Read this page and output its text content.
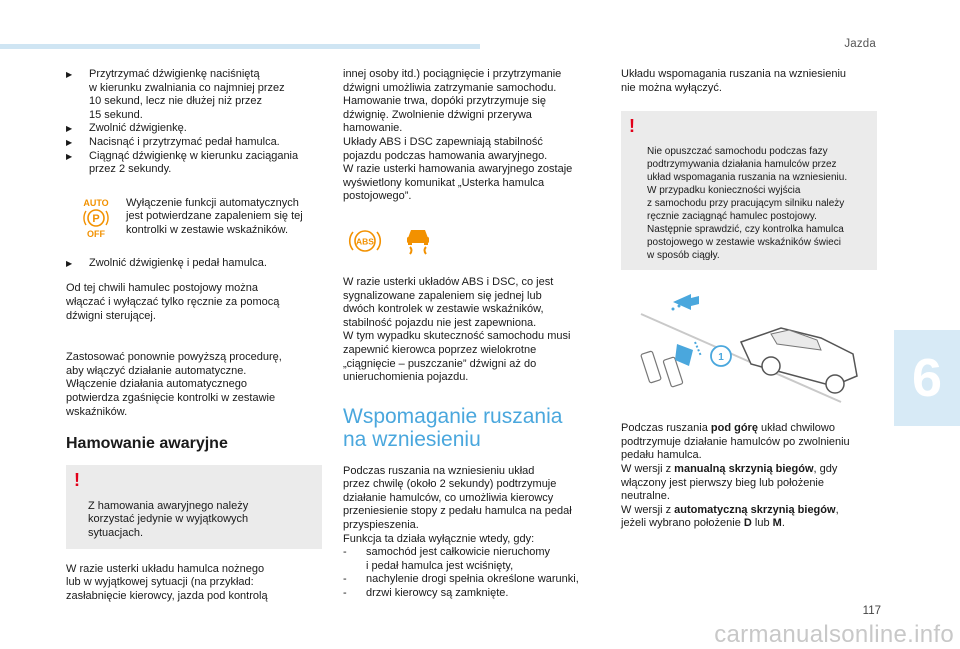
Jazda
6
117
carmanualsonline.info
▶ Przytrzymać dźwigienkę naciśniętą
w kierunku zwalniania co najmniej przez
10 sekund, lecz nie dłużej niż przez
15 sekund.
▶ Zwolnić dźwigienkę.
▶ Nacisnąć i przytrzymać pedał hamulca.
▶ Ciągnąć dźwigienkę w kierunku zaciągania
przez 2 sekundy.
AUTO
P
OFF
Wyłączenie funkcji automatycznych
jest potwierdzane zapaleniem się tej
kontrolki w zestawie wskaźników.
▶ Zwolnić dźwigienkę i pedał hamulca.
Od tej chwili hamulec postojowy można
włączać i wyłączać tylko ręcznie za pomocą
dźwigni sterującej.
Zastosować ponownie powyższą procedurę,
aby włączyć działanie automatyczne.
Włączenie działania automatycznego
potwierdza zgaśnięcie kontrolki w zestawie
wskaźników.
Hamowanie awaryjne

!

Z hamowania awaryjnego należy
korzystać jedynie w wyjątkowych
sytuacjach.

W razie usterki układu hamulca nożnego
lub w wyjątkowej sytuacji (na przykład:
zasłabnięcie kierowcy, jazda pod kontrolą
innej osoby itd.) pociągnięcie i przytrzymanie
dźwigni umożliwia zatrzymanie samochodu.
Hamowanie trwa, dopóki przytrzymuje się
dźwignię. Zwolnienie dźwigni przerywa
hamowanie.
Układy ABS i DSC zapewniają stabilność
pojazdu podczas hamowania awaryjnego.
W razie usterki hamowania awaryjnego zostaje
wyświetlony komunikat „Usterka hamulca
postojowego”.
ABS
W razie usterki układów ABS i DSC, co jest
sygnalizowane zapaleniem się jednej lub
dwóch kontrolek w zestawie wskaźników,
stabilność pojazdu nie jest zapewniona.
W tym wypadku skuteczność samochodu musi
zapewnić kierowca poprzez wielokrotne
„ciągnięcie – puszczanie” dźwigni aż do
unieruchomienia pojazdu.
Wspomaganie ruszania
na wzniesieniu
Podczas ruszania na wzniesieniu układ
przez chwilę (około 2 sekundy) podtrzymuje
działanie hamulców, co umożliwia kierowcy
przeniesienie stopy z pedału hamulca na pedał
przyspieszenia.
Funkcja ta działa wyłącznie wtedy, gdy:
- samochód jest całkowicie nieruchomy
i pedał hamulca jest wciśnięty,
- nachylenie drogi spełnia określone warunki,
- drzwi kierowcy są zamknięte.
Układu wspomagania ruszania na wzniesieniu
nie można wyłączyć.

!

Nie opuszczać samochodu podczas fazy
podtrzymywania działania hamulców przez
układ wspomagania ruszania na wzniesieniu.
W przypadku konieczności wyjścia
z samochodu przy pracującym silniku należy
ręcznie zaciągnąć hamulec postojowy.
Następnie sprawdzić, czy kontrolka hamulca
postojowego w zestawie wskaźników świeci
w sposób ciągły.

1
Podczas ruszania pod górę układ chwilowo
podtrzymuje działanie hamulców po zwolnieniu
pedału hamulca.
W wersji z manualną skrzynią biegów, gdy
włączony jest pierwszy bieg lub położenie
neutralne.
W wersji z automatyczną skrzynią biegów,
jeżeli wybrano położenie D lub M.
